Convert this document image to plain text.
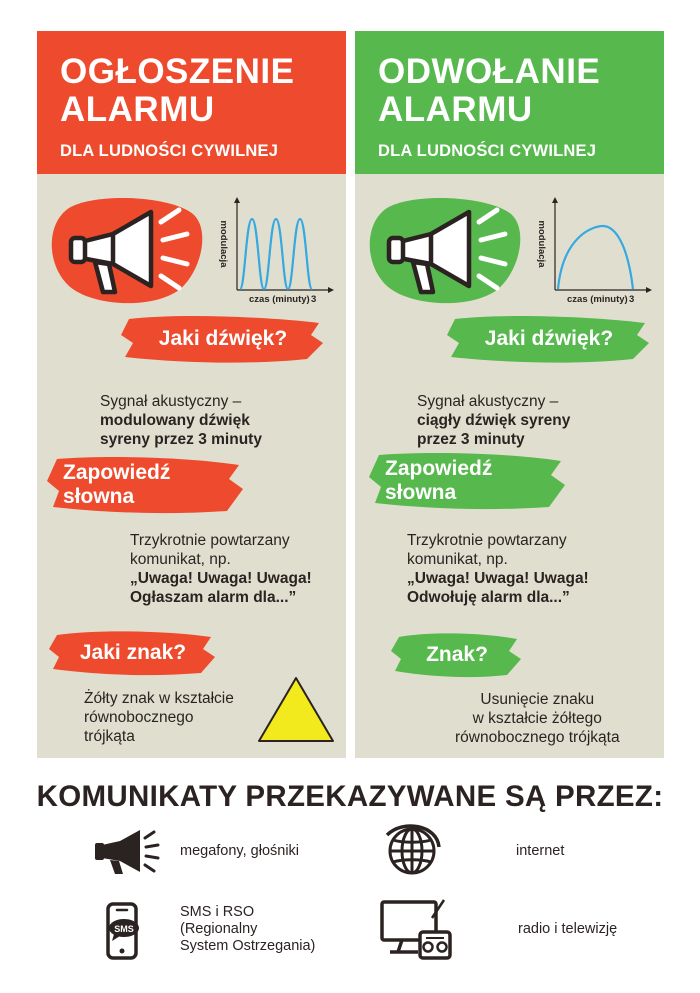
OGŁOSZENIE ALARMU
DLA LUDNOŚCI CYWILNEJ
modulacja
czas (minuty) 3
Jaki dźwięk?
Sygnał akustyczny –
modulowany dźwięk
syreny przez 3 minuty
Zapowiedź
słowna
Trzykrotnie powtarzany
komunikat, np.
„Uwaga! Uwaga! Uwaga!
Ogłaszam alarm dla...”
Jaki znak?
Żółty znak w kształcie
równobocznego
trójkąta
ODWOŁANIE ALARMU
DLA LUDNOŚCI CYWILNEJ
modulacja
czas (minuty) 3
Jaki dźwięk?
Sygnał akustyczny –
ciągły dźwięk syreny
przez 3 minuty
Zapowiedź
słowna
Trzykrotnie powtarzany
komunikat, np.
„Uwaga! Uwaga! Uwaga!
Odwołuję alarm dla...”
Znak?
Usunięcie znaku
w kształcie żółtego
równobocznego trójkąta
KOMUNIKATY PRZEKAZYWANE SĄ PRZEZ:
megafony, głośniki	internet
SMS
SMS i RSO
(Regionalny
System Ostrzegania)
radio i telewizję
